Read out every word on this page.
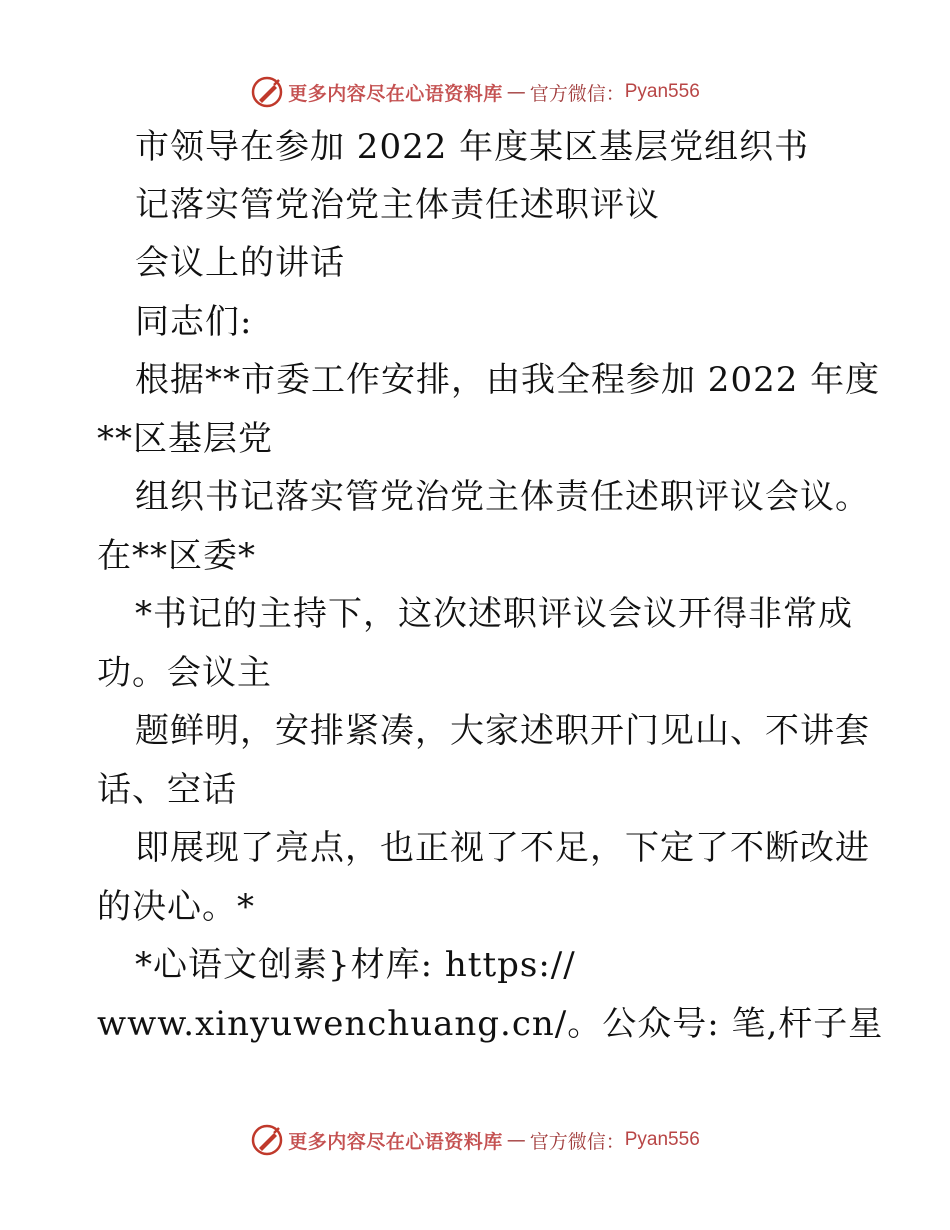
更多内容尽在心语资料库 — 官方微信： Pyan556
市领导在参加 2022 年度某区基层党组织书
记落实管党治党主体责任述职评议
会议上的讲话
同志们:
根据**市委工作安排，由我全程参加 2022 年度
**区基层党
组织书记落实管党治党主体责任述职评议会议。
在**区委*
*书记的主持下，这次述职评议会议开得非常成
功。会议主
题鲜明，安排紧凑，大家述职开门见山、不讲套
话、空话
即展现了亮点，也正视了不足，下定了不断改进
的决心。*
*心语文创素}材库: https://
www.xinyuwenchuang.cn/。公众号: 笔,杆子星
更多内容尽在心语资料库 — 官方微信： Pyan556
